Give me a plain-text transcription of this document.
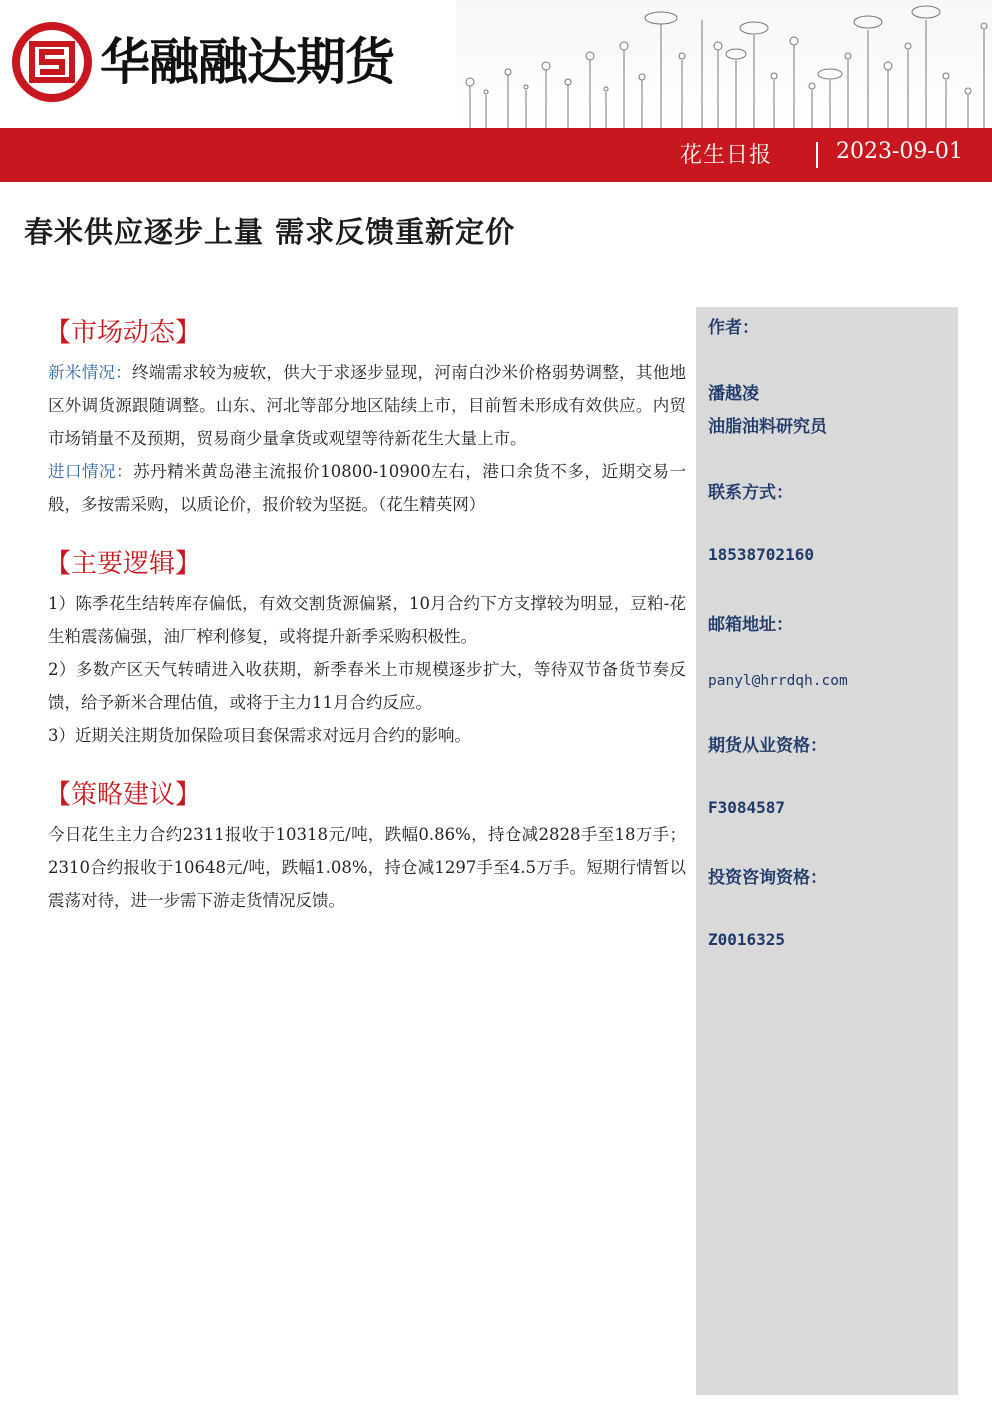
华融融达期货
花生日报	2023-09-01
春米供应逐步上量 需求反馈重新定价
【市场动态】

新米情况：终端需求较为疲软，供大于求逐步显现，河南白沙米价格弱势调整，其他地区外调货源跟随调整。山东、河北等部分地区陆续上市，目前暂未形成有效供应。内贸市场销量不及预期，贸易商少量拿货或观望等待新花生大量上市。

进口情况：苏丹精米黄岛港主流报价10800-10900左右，港口余货不多，近期交易一般，多按需采购，以质论价，报价较为坚挺。（花生精英网）

【主要逻辑】

1）陈季花生结转库存偏低，有效交割货源偏紧，10月合约下方支撑较为明显，豆粕-花生粕震荡偏强，油厂榨利修复，或将提升新季采购积极性。

2）多数产区天气转晴进入收获期，新季春米上市规模逐步扩大，等待双节备货节奏反馈，给予新米合理估值，或将于主力11月合约反应。

3）近期关注期货加保险项目套保需求对远月合约的影响。

【策略建议】

今日花生主力合约2311报收于10318元/吨，跌幅0.86%，持仓减2828手至18万手；2310合约报收于10648元/吨，跌幅1.08%，持仓减1297手至4.5万手。短期行情暂以震荡对待，进一步需下游走货情况反馈。

作者：
潘越凌
油脂油料研究员
联系方式：
18538702160
邮箱地址：
panyl@hrrdqh.com
期货从业资格：
F3084587
投资咨询资格：
Z0016325
